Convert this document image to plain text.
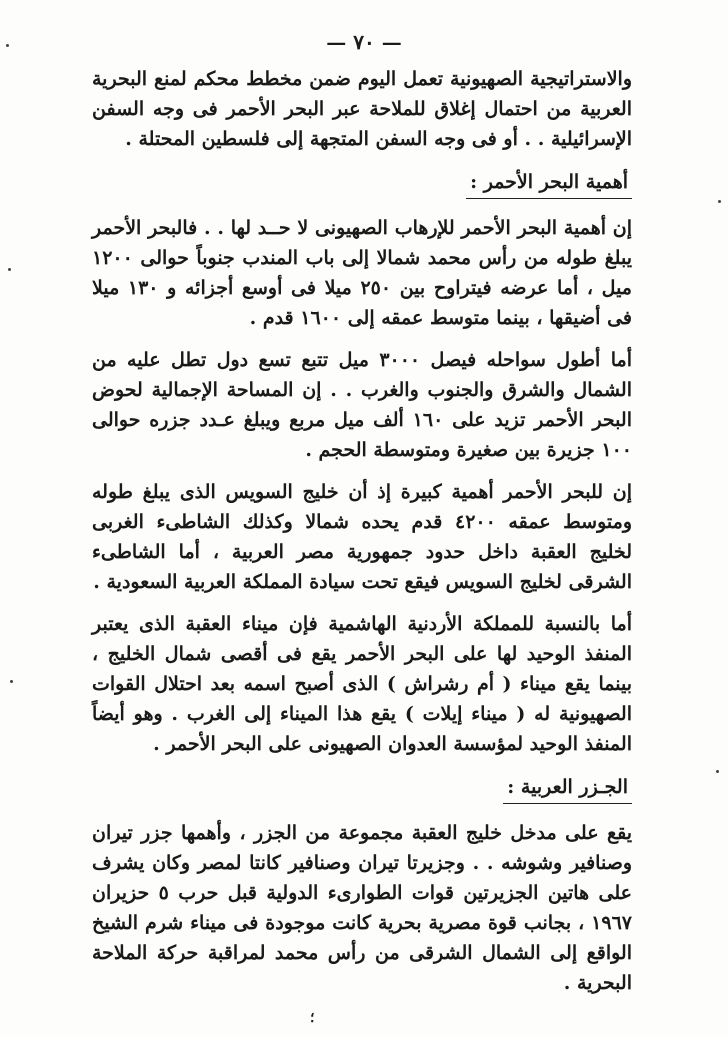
— ٧٠ —

والاستراتيجية الصهيونية تعمل اليوم ضمن مخطط محكم لمنع البحرية العربية من احتمال إغلاق للملاحة عبر البحر الأحمر فى وجه السفن الإسرائيلية . . أو فى وجه السفن المتجهة إلى فلسطين المحتلة .

أهمية البحر الأحمر :

إن أهمية البحر الأحمر للإرهاب الصهيونى لا حــد لها . . فالبحر الأحمر يبلغ طوله من رأس محمد شمالا إلى باب المندب جنوباً حوالى ١٢٠٠ ميل ، أما عرضه فيتراوح بين ٢٥٠ ميلا فى أوسع أجزائه و ١٣٠ ميلا فى أضيقها ، بينما متوسط عمقه إلى ١٦٠٠ قدم .

أما أطول سواحله فيصل ٣٠٠٠ ميل تتبع تسع دول تطل عليه من الشمال والشرق والجنوب والغرب . . إن المساحة الإجمالية لحوض البحر الأحمر تزيد على ١٦٠ ألف ميل مربع ويبلغ عـدد جزره حوالى ١٠٠ جزيرة بين صغيرة ومتوسطة الحجم .

إن للبحر الأحمر أهمية كبيرة إذ أن خليج السويس الذى يبلغ طوله ومتوسط عمقه ٤٢٠٠ قدم يحده شمالا وكذلك الشاطىء الغربى لخليج العقبة داخل حدود جمهورية مصر العربية ، أما الشاطىء الشرقى لخليج السويس فيقع تحت سيادة المملكة العربية السعودية .

أما بالنسبة للمملكة الأردنية الهاشمية فإن ميناء العقبة الذى يعتبر المنفذ الوحيد لها على البحر الأحمر يقع فى أقصى شمال الخليج ، بينما يقع ميناء ( أم رشراش ) الذى أصبح اسمه بعد احتلال القوات الصهيونية له ( ميناء إيلات ) يقع هذا الميناء إلى الغرب . وهو أيضاً المنفذ الوحيد لمؤسسة العدوان الصهيونى على البحر الأحمر .

الجـزر العربية :

يقع على مدخل خليج العقبة مجموعة من الجزر ، وأهمها جزر تيران وصنافير وشوشه . . وجزيرتا تيران وصنافير كانتا لمصر وكان يشرف على هاتين الجزيرتين قوات الطوارىء الدولية قبل حرب ٥ حزيران ١٩٦٧ ، بجانب قوة مصرية بحرية كانت موجودة فى ميناء شرم الشيخ الواقع إلى الشمال الشرقى من رأس محمد لمراقبة حركة الملاحة البحرية .

؛
